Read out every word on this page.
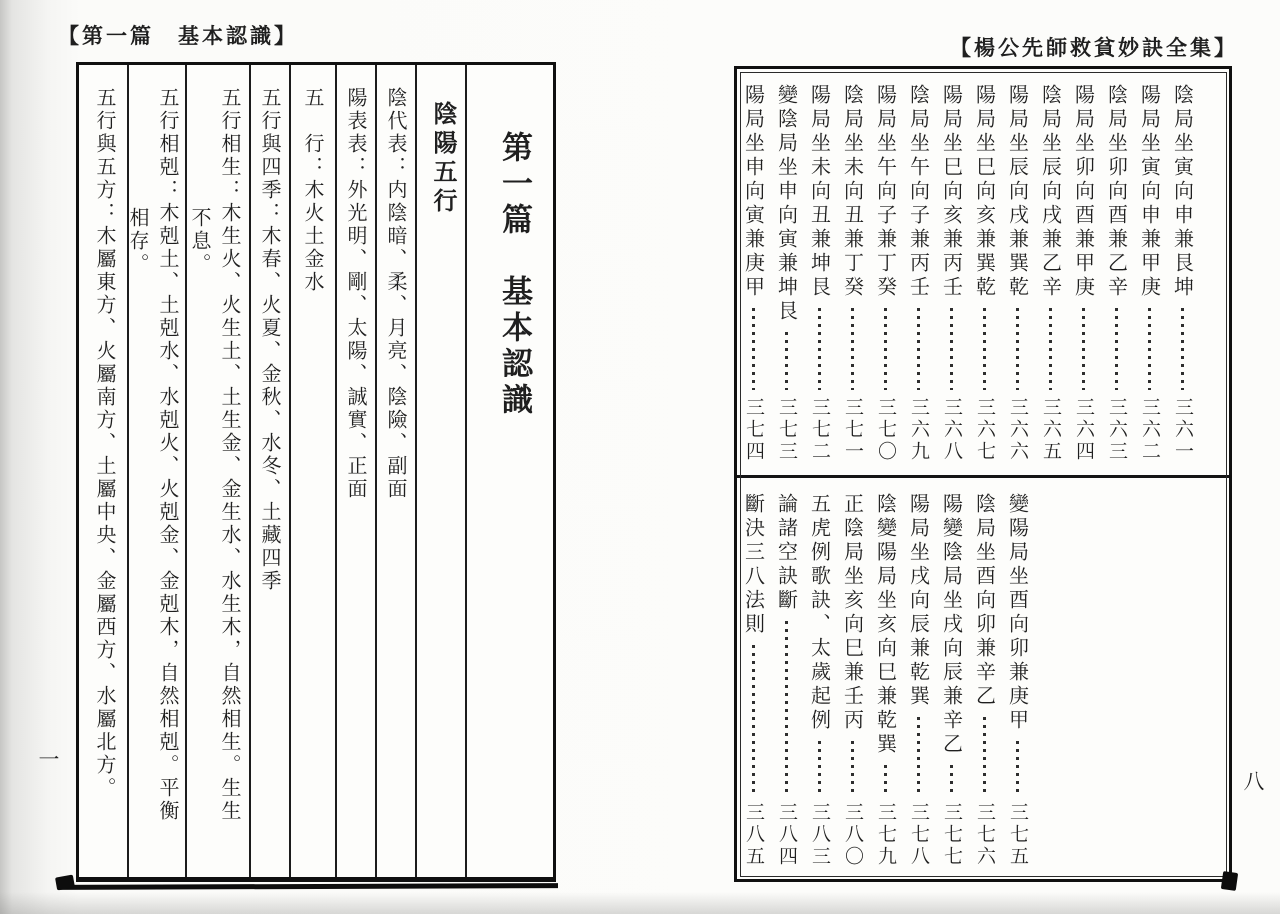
【第一篇　基本認識】	【楊公先師救貧妙訣全集】
一
八
第一篇　基本認識
陰陽五行
陰代表：内陰暗、柔、月亮、陰險、副面
陽表表：外光明、剛、太陽、誠實、正面
五　行：木火土金水
五行與四季：木春、火夏、金秋、水冬、土藏四季
五行相生：木生火、火生土、土生金、金生水、水生木，自然相生。生生
不息。
五行相剋：木剋土、土剋水、水剋火、火剋金、金剋木，自然相剋。平衡
相存。
五行與五方：木屬東方、火屬南方、土屬中央、金屬西方、水屬北方。	陰局坐寅向申兼艮坤
三六一
陽局坐寅向申兼甲庚
三六二
陰局坐卯向酉兼乙辛
三六三
陽局坐卯向酉兼甲庚
三六四
陰局坐辰向戌兼乙辛
三六五
陽局坐辰向戌兼巽乾
三六六
陽局坐巳向亥兼巽乾
三六七
陽局坐巳向亥兼丙壬
三六八
陰局坐午向子兼丙壬
三六九
陽局坐午向子兼丁癸
三七〇
陰局坐未向丑兼丁癸
三七一
陽局坐未向丑兼坤艮
三七二
變陰局坐申向寅兼坤艮
三七三
陽局坐申向寅兼庚甲
三七四
變陽局坐酉向卯兼庚甲
三七五
陰局坐酉向卯兼辛乙
三七六
陽變陰局坐戌向辰兼辛乙
三七七
陽局坐戌向辰兼乾巽
三七八
陰變陽局坐亥向巳兼乾巽
三七九
正陰局坐亥向巳兼壬丙
三八〇
五虎例歌訣、太歲起例
三八三
論諸空訣斷
三八四
斷決三八法則
三八五
